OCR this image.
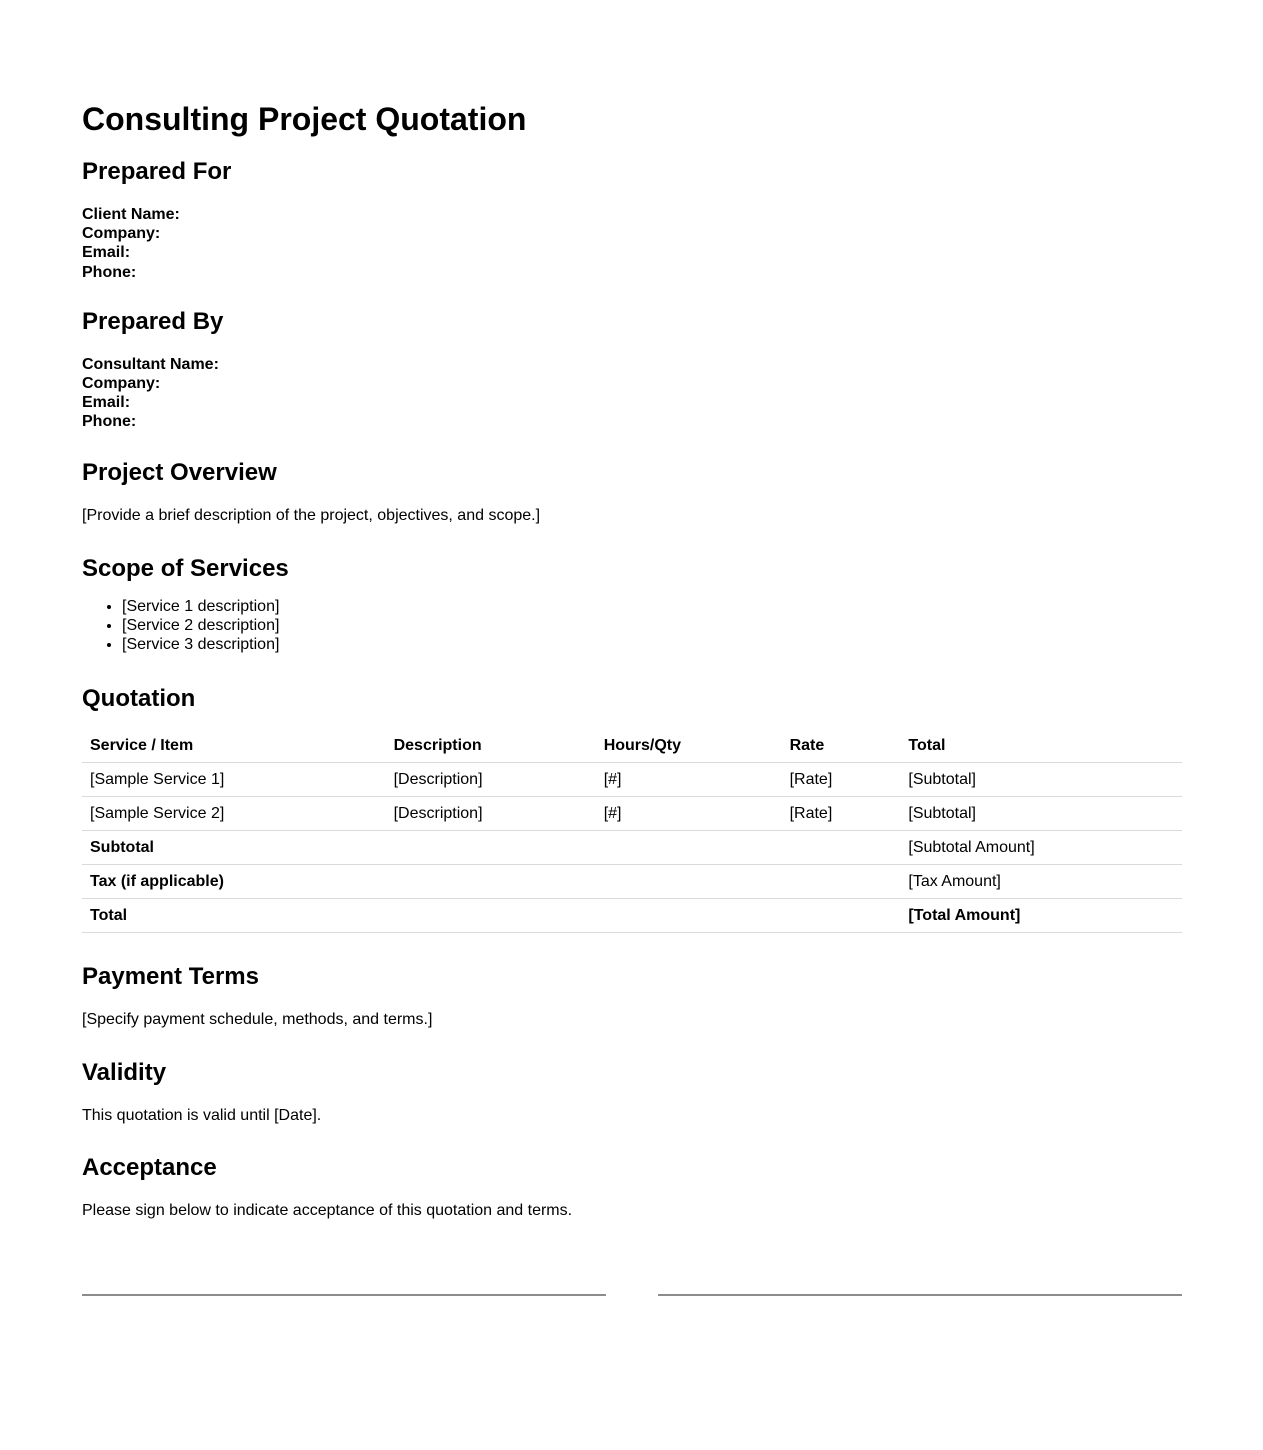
Consulting Project Quotation
Prepared For
Client Name:
Company:
Email:
Phone:
Prepared By
Consultant Name:
Company:
Email:
Phone:
Project Overview

[Provide a brief description of the project, objectives, and scope.]

Scope of Services
• [Service 1 description]
• [Service 2 description]
• [Service 3 description]
Quotation
Service / Item	Description	Hours/Qty	Rate	Total
[Sample Service 1]	[Description]	[#]	[Rate]	[Subtotal]
[Sample Service 2]	[Description]	[#]	[Rate]	[Subtotal]
Subtotal				[Subtotal Amount]
Tax (if applicable)				[Tax Amount]
Total				[Total Amount]
Payment Terms

[Specify payment schedule, methods, and terms.]

Validity

This quotation is valid until [Date].

Acceptance

Please sign below to indicate acceptance of this quotation and terms.
